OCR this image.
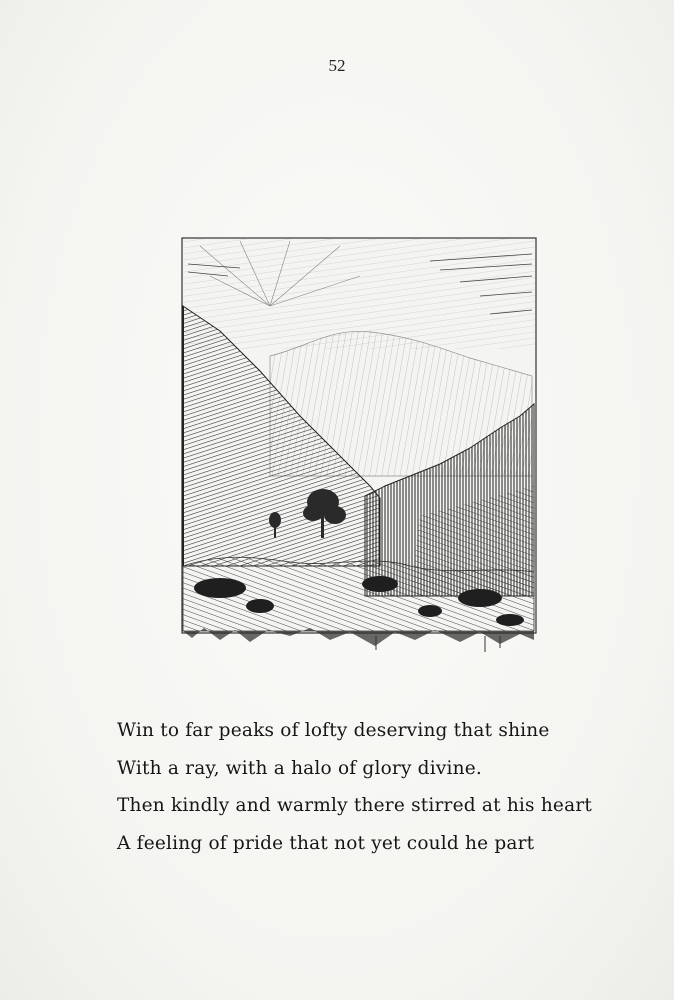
52
Win to far peaks of lofty deserving that shine
With a ray, with a halo of glory divine.
Then kindly and warmly there stirred at his heart
A feeling of pride that not yet could he part
